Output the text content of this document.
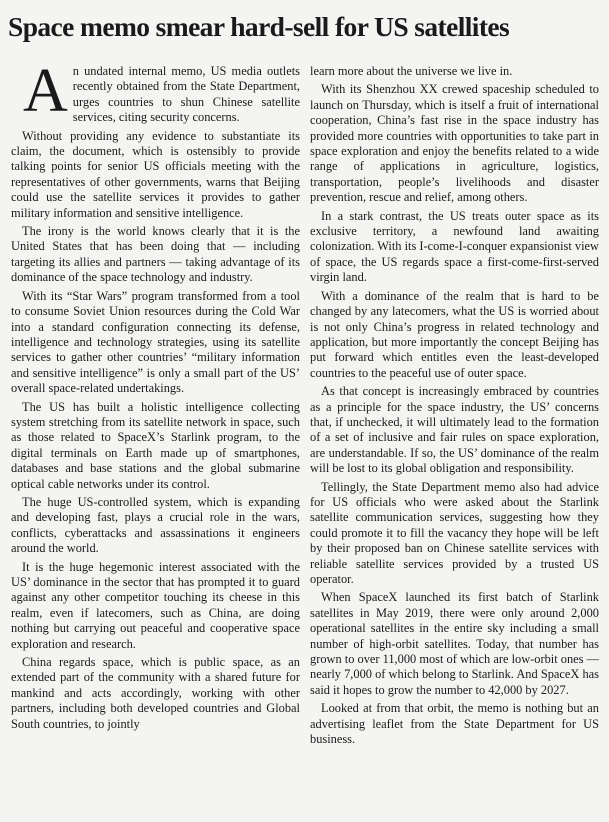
Space memo smear hard-sell for US satellites

An undated internal memo, US media outlets recently obtained from the State Department, urges countries to shun Chinese satellite services, citing security concerns.

Without providing any evidence to substantiate its claim, the document, which is ostensibly to provide talking points for senior US officials meeting with the representatives of other governments, warns that Beijing could use the satellite services it provides to gather military information and sensitive intelligence.

The irony is the world knows clearly that it is the United States that has been doing that — including targeting its allies and partners — taking advantage of its dominance of the space technology and industry.

With its “Star Wars” program transformed from a tool to consume Soviet Union resources during the Cold War into a standard configuration connecting its defense, intelligence and technology strategies, using its satellite services to gather other countries’ “military information and sensitive intelligence” is only a small part of the US’ overall space-related undertakings.

The US has built a holistic intelligence collecting system stretching from its satellite network in space, such as those related to SpaceX’s Starlink program, to the digital terminals on Earth made up of smartphones, databases and base stations and the global submarine optical cable networks under its control.

The huge US-controlled system, which is expanding and developing fast, plays a crucial role in the wars, conflicts, cyberattacks and assassinations it engineers around the world.

It is the huge hegemonic interest associated with the US’ dominance in the sector that has prompted it to guard against any other competitor touching its cheese in this realm, even if latecomers, such as China, are doing nothing but carrying out peaceful and cooperative space exploration and research.

China regards space, which is public space, as an extended part of the community with a shared future for mankind and acts accordingly, working with other partners, including both developed countries and Global South countries, to jointly

learn more about the universe we live in.

With its Shenzhou XX crewed spaceship scheduled to launch on Thursday, which is itself a fruit of international cooperation, China’s fast rise in the space industry has provided more countries with opportunities to take part in space exploration and enjoy the benefits related to a wide range of applications in agriculture, logistics, transportation, people’s livelihoods and disaster prevention, rescue and relief, among others.

In a stark contrast, the US treats outer space as its exclusive territory, a newfound land awaiting colonization. With its I-come-I-conquer expansionist view of space, the US regards space a first-come-first-served virgin land.

With a dominance of the realm that is hard to be changed by any latecomers, what the US is worried about is not only China’s progress in related technology and application, but more importantly the concept Beijing has put forward which entitles even the least-developed countries to the peaceful use of outer space.

As that concept is increasingly embraced by countries as a principle for the space industry, the US’ concerns that, if unchecked, it will ultimately lead to the formation of a set of inclusive and fair rules on space exploration, are understandable. If so, the US’ dominance of the realm will be lost to its global obligation and responsibility.

Tellingly, the State Department memo also had advice for US officials who were asked about the Starlink satellite communication services, suggesting how they could promote it to fill the vacancy they hope will be left by their proposed ban on Chinese satellite services with reliable satellite services provided by a trusted US operator.

When SpaceX launched its first batch of Starlink satellites in May 2019, there were only around 2,000 operational satellites in the entire sky including a small number of high-orbit satellites. Today, that number has grown to over 11,000 most of which are low-orbit ones — nearly 7,000 of which belong to Starlink. And SpaceX has said it hopes to grow the number to 42,000 by 2027.

Looked at from that orbit, the memo is nothing but an advertising leaflet from the State Department for US business.
